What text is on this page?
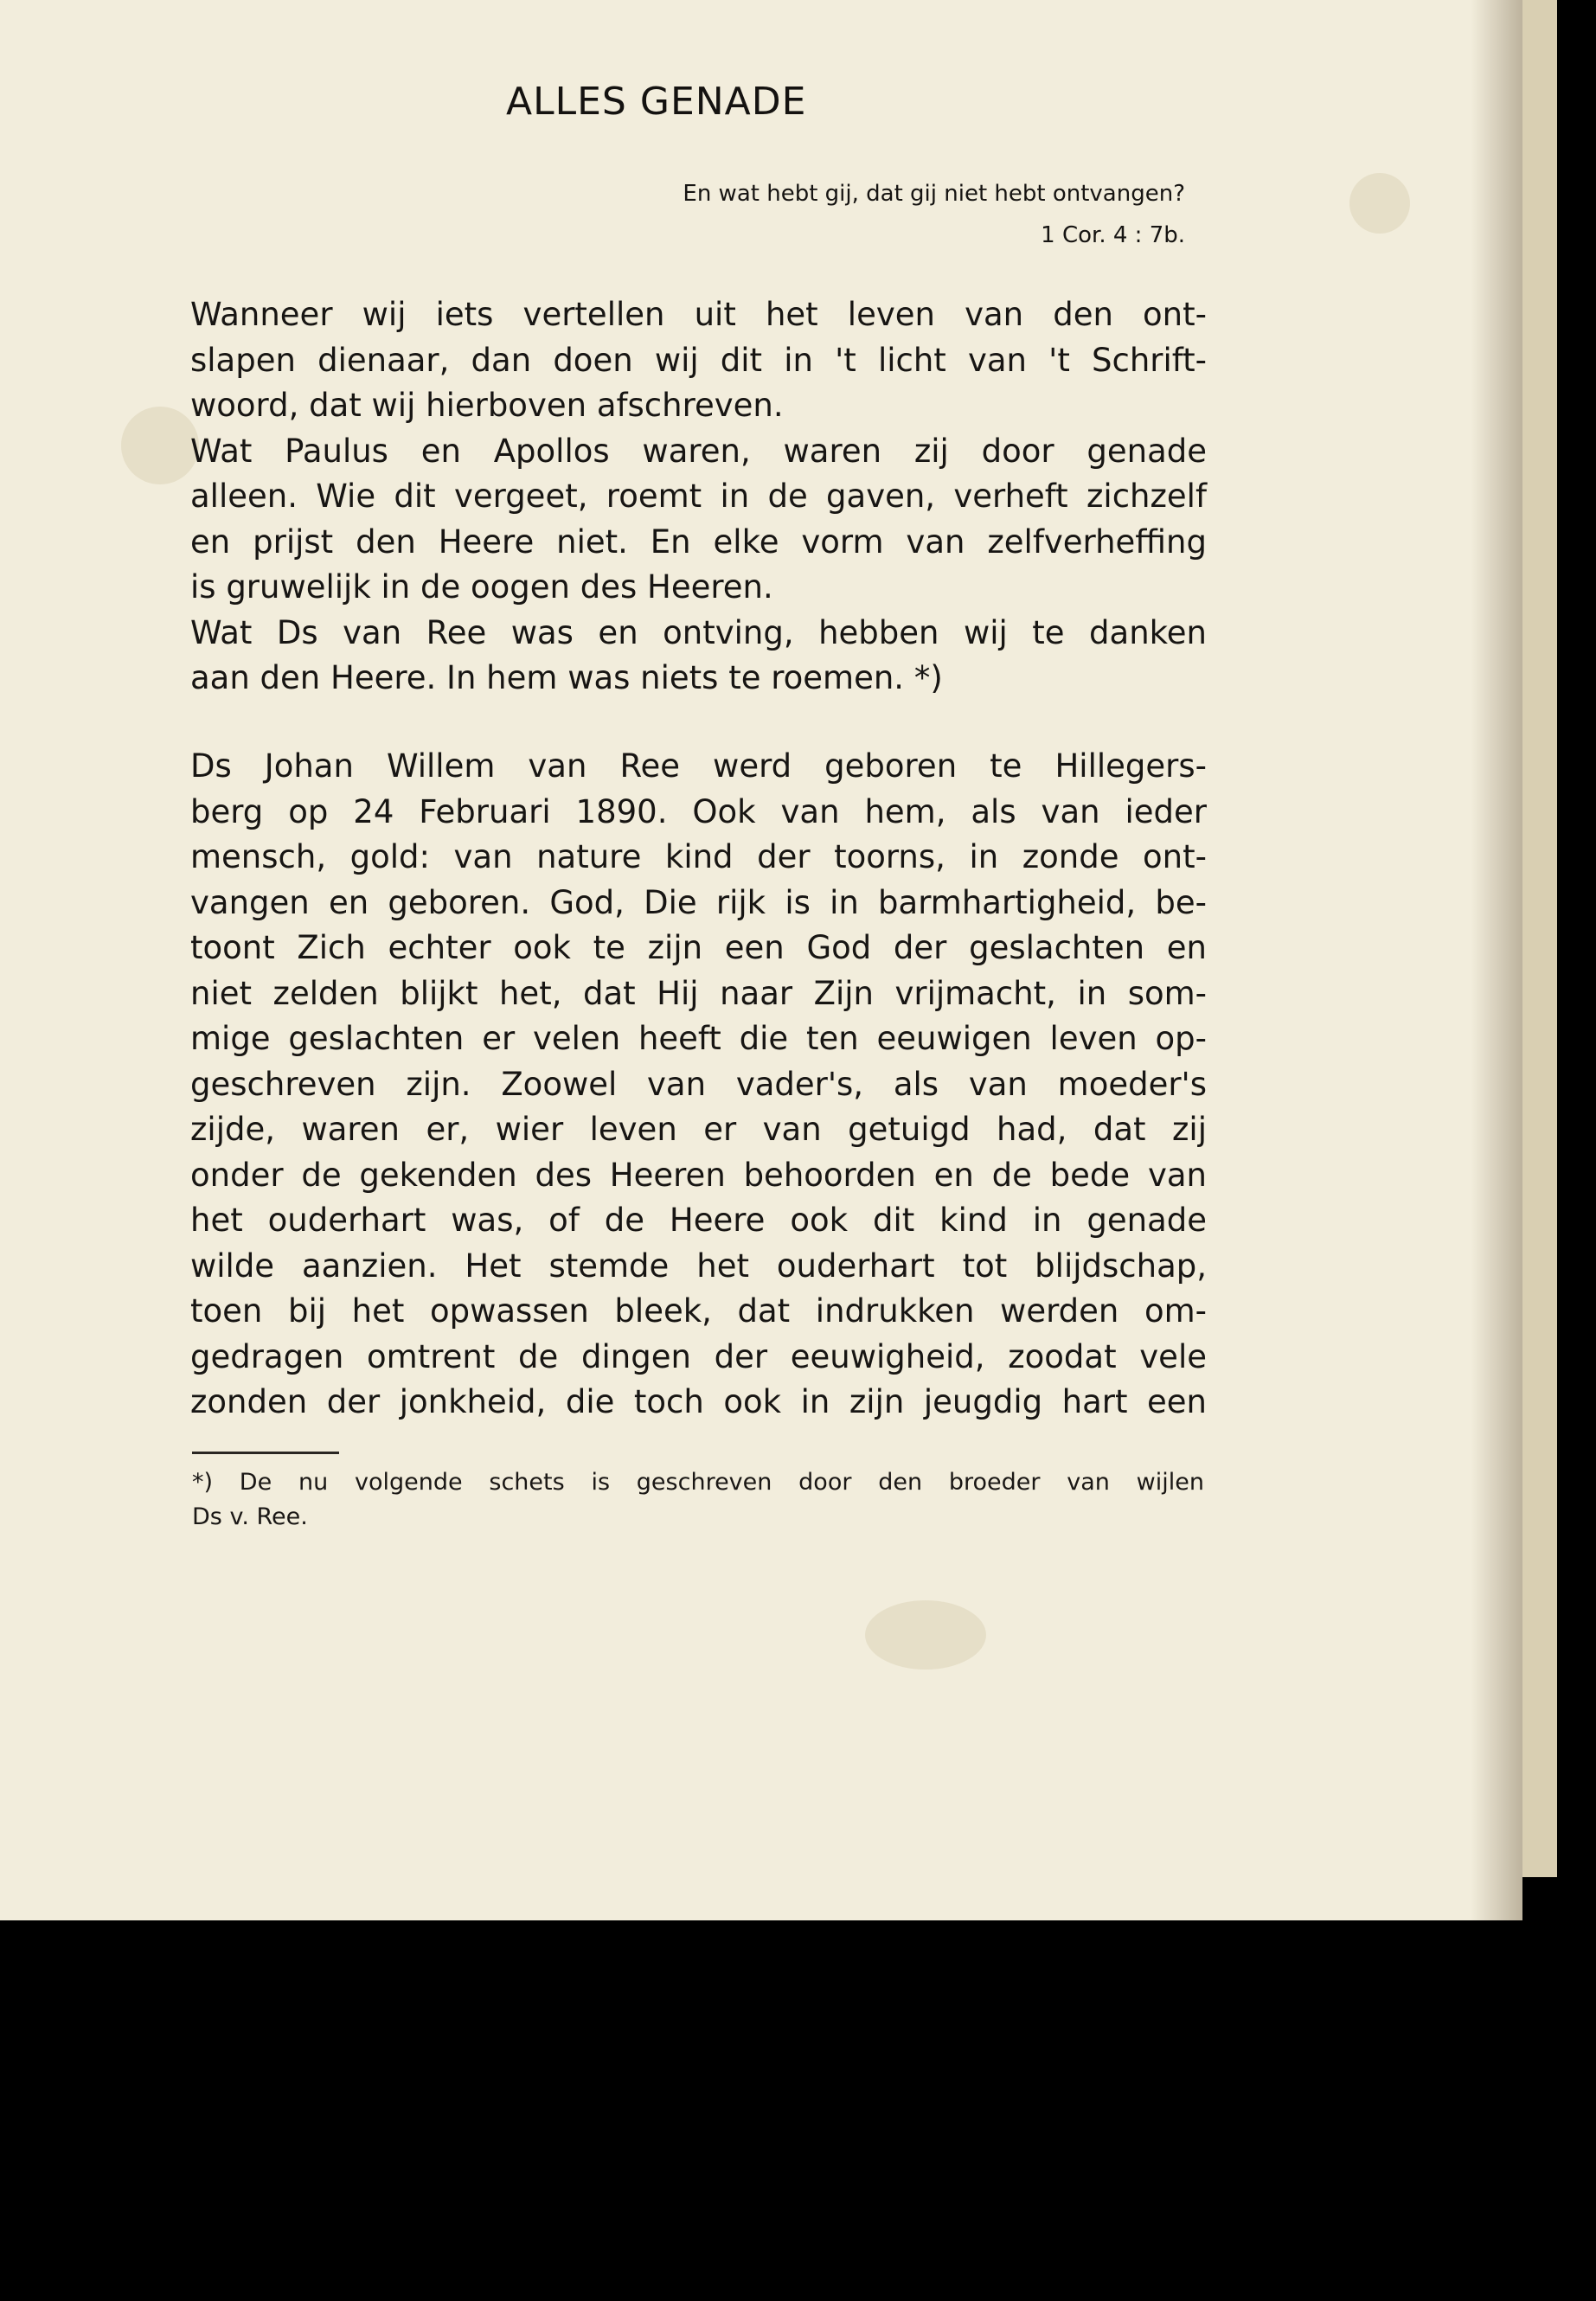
ALLES GENADE
En wat hebt gij, dat gij niet hebt ontvangen?
1 Cor. 4 : 7b.
Wanneer wij iets vertellen uit het leven van den ont-
slapen dienaar, dan doen wij dit in 't licht van 't Schrift-
woord, dat wij hierboven afschreven.
Wat Paulus en Apollos waren, waren zij door genade
alleen. Wie dit vergeet, roemt in de gaven, verheft zichzelf
en prijst den Heere niet. En elke vorm van zelfverheffing
is gruwelijk in de oogen des Heeren.
Wat Ds van Ree was en ontving, hebben wij te danken
aan den Heere. In hem was niets te roemen. *)
Ds Johan Willem van Ree werd geboren te Hillegers-
berg op 24 Februari 1890. Ook van hem, als van ieder
mensch, gold: van nature kind der toorns, in zonde ont-
vangen en geboren. God, Die rijk is in barmhartigheid, be-
toont Zich echter ook te zijn een God der geslachten en
niet zelden blijkt het, dat Hij naar Zijn vrijmacht, in som-
mige geslachten er velen heeft die ten eeuwigen leven op-
geschreven zijn. Zoowel van vader's, als van moeder's
zijde, waren er, wier leven er van getuigd had, dat zij
onder de gekenden des Heeren behoorden en de bede van
het ouderhart was, of de Heere ook dit kind in genade
wilde aanzien. Het stemde het ouderhart tot blijdschap,
toen bij het opwassen bleek, dat indrukken werden om-
gedragen omtrent de dingen der eeuwigheid, zoodat vele
zonden der jonkheid, die toch ook in zijn jeugdig hart een
*) De nu volgende schets is geschreven door den broeder van wijlen
Ds v. Ree.
